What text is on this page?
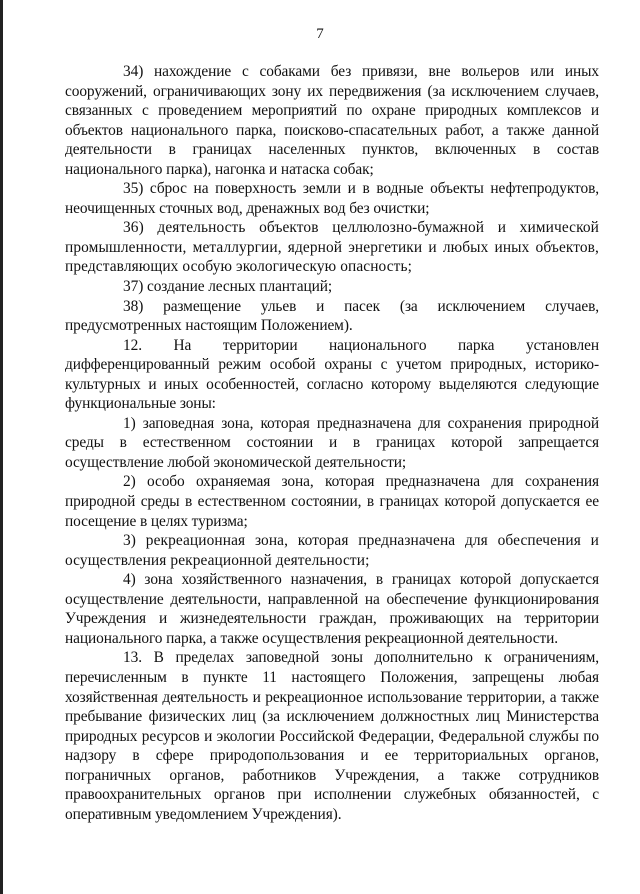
7

34) нахождение с собаками без привязи, вне вольеров или иных сооружений, ограничивающих зону их передвижения (за исключением случаев, связанных с проведением мероприятий по охране природных комплексов и объектов национального парка, поисково-спасательных работ, а также данной деятельности в границах населенных пунктов, включенных в состав национального парка), нагонка и натаска собак;

35) сброс на поверхность земли и в водные объекты нефтепродуктов, неочищенных сточных вод, дренажных вод без очистки;

36) деятельность объектов целлюлозно-бумажной и химической промышленности, металлургии, ядерной энергетики и любых иных объектов, представляющих особую экологическую опасность;

37) создание лесных плантаций;

38) размещение ульев и пасек (за исключением случаев, предусмотренных настоящим Положением).

12. На территории национального парка установлен дифференцированный режим особой охраны с учетом природных, историко-культурных и иных особенностей, согласно которому выделяются следующие функциональные зоны:

1) заповедная зона, которая предназначена для сохранения природной среды в естественном состоянии и в границах которой запрещается осуществление любой экономической деятельности;

2) особо охраняемая зона, которая предназначена для сохранения природной среды в естественном состоянии, в границах которой допускается ее посещение в целях туризма;

3) рекреационная зона, которая предназначена для обеспечения и осуществления рекреационной деятельности;

4) зона хозяйственного назначения, в границах которой допускается осуществление деятельности, направленной на обеспечение функционирования Учреждения и жизнедеятельности граждан, проживающих на территории национального парка, а также осуществления рекреационной деятельности.

13. В пределах заповедной зоны дополнительно к ограничениям, перечисленным в пункте 11 настоящего Положения, запрещены любая хозяйственная деятельность и рекреационное использование территории, а также пребывание физических лиц (за исключением должностных лиц Министерства природных ресурсов и экологии Российской Федерации, Федеральной службы по надзору в сфере природопользования и ее территориальных органов, пограничных органов, работников Учреждения, а также сотрудников правоохранительных органов при исполнении служебных обязанностей, с оперативным уведомлением Учреждения).
